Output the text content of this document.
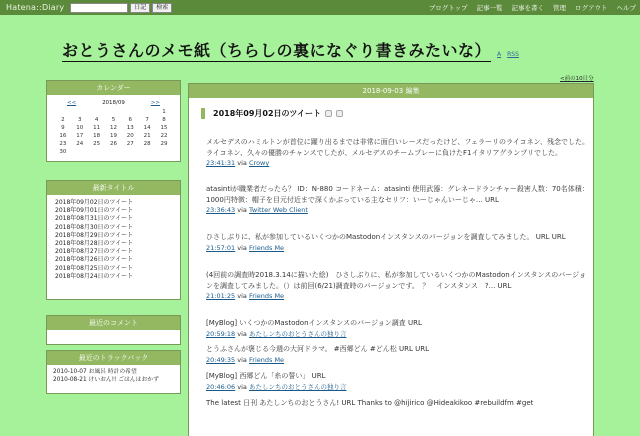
Hatena::Diary	日記	検索	ブログトップ 記事一覧 記事を書く 管理 ログアウト ヘルプ
おとうさんのメモ紙（ちらしの裏になぐり書きみたいな） A RSS
カレンダー
<<	2018/09	>>
						1
2	3	4	5	6	7	8
9	10	11	12	13	14	15
16	17	18	19	20	21	22
23	24	25	26	27	28	29
30						
最新タイトル
2018年09月02日のツイート
2018年09月01日のツイート
2018年08月31日のツイート
2018年08月30日のツイート
2018年08月29日のツイート
2018年08月28日のツイート
2018年08月27日のツイート
2018年08月26日のツイート
2018年08月25日のツイート
2018年08月24日のツイート
最近のコメント
最近のトラックバック
2010-10-07 お風呂 時計の希望
2010-08-21 けいおん!! ごはんはおかず
<前の10日分
2018-09-03 編集
2018年09月02日のツイート
メルセデスのハミルトンが首位に躍り出るまでは非常に面白いレースだったけど、フェラーリのライコネン、残念でした。ライコネン、久々の優勝のチャンスでしたが、メルセデスのチームプレーに負けたF1イタリアグランプリでした。
23:41:31 via Crowy
atasintiが職業者だったら？ ID：N-880 コードネーム：atasinti 使用武器：グレネードランチャー殺害人数：70名体積：1000円特徴：帽子を目元付近まで深くかぶっている主なセリフ：いーじゃんいーじゃ… URL
23:36:43 via Twitter Web Client
ひさしぶりに、私が参加しているいくつかのMastodonインスタンスのバージョンを調査してみました。 URL URL
21:57:01 via Friends Me
(4回前の調査時2018.3.14に描いた絵)　ひさしぶりに、私が参加しているいくつかのMastodonインスタンスのバージョンを調査してみました。（）は前回(6/21)調査時のバージョンです。　？　インスタンス　?... URL
21:01:25 via Friends Me
[MyBlog] いくつかのMastodonインスタンスのバージョン調査 URL
20:59:18 via あたしンちのおとうさんの独り言
とうふさんが褒じる今週の大河ドラマ。 #西郷どん #どん松 URL URL
20:49:35 via Friends Me
[MyBlog] 西郷どん「糸の誓い」 URL
20:46:06 via あたしンちのおとうさんの独り言
The latest 日刊 あたしンちのおとうさん! URL Thanks to @hijirico @Hideakikoo #rebuildfm #get
